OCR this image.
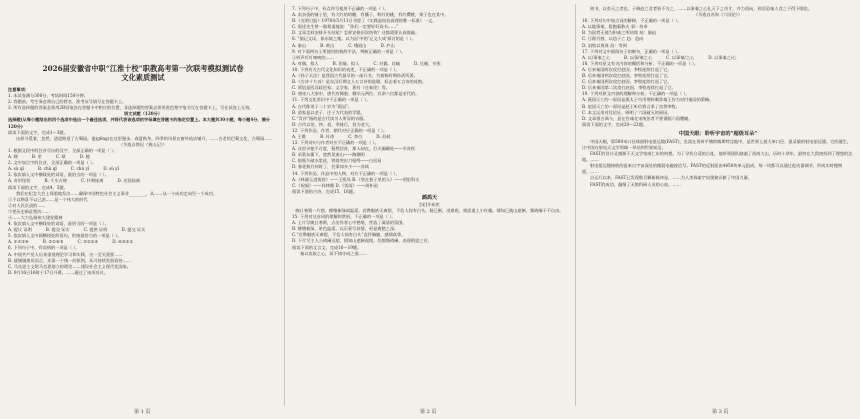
2026届安徽省中职“江淮十校”职教高考第一次联考模拟测试卷
文化素质测试
注意事项：
1. 本试卷满分300分，考试时间150分钟。
2. 答题前，考生务必将自己的姓名、准考证号填写在答题卡上。
3. 所有选择题的答案必须用2B铅笔涂在答题卡中相应的位置，非选择题的答案必须用黑色签字笔书写在答题卡上，写在试卷上无效。
语文试题（120分）
选择题(从每小题给出的四个选项中选出一个最佳选项，并将代表该选项的字母填在答题卡的指定位置上。本大题共30小题，每小题4分，满分120分)
阅读下面的文字，完成1～3题。
这样寻觅着，忽然，爸爸跨进了古蜀园，他(ɡěnɡ)在这里漫步。春夏秋冬，四季的风景在窗外依次铺开，……古老的巴蜀文化，古蜀园……
（节选自徐迟《黄山记》）
1. 根据文段中的注音写出的汉字，全部正确的一项是（ ）。
A. 哽	B. 更	C. 耿	D. 梗
2. 文中加点字的注音，全部正确的一项是（ ）。
A. sù qǐ	B. chù qǐ	C. chù yǐ	D. sù yǐ
3. 依次填入文中横线处的词语，最恰当的一项是（ ）。
A. 奇形怪状	B. 千头万绪	C. 扑朔迷离	D. 光怪陆离
阅读下面的文字，完成4、5题。
我们在纪念大会上郑重地发出……确保中国特色社会主义事业________，从……从一个成功走向另一个成功。
①不以物喜不以己悲……是一个伟大的时代
②对人民负责的……
③把历史新征程的……
④……大力弘扬伟大建党精神
4. 依次填入文中横线处的词语，最恰当的一项是（ ）。
A. 提议 证明	B. 提交 证实	C. 提供 证明	D. 提交 证实
5. 依次填入文中画横线处的语句，衔接最恰当的一项是（ ）。
A. ①②③④	B. ②①④③	C. ③②①④	D. ④③②①
6. 下列句子中，有语病的一项是（ ）。
A. 中国共产党人历来重视理论学习和实践，这一至关重要……
B. 就城镇建设而言，还需一个统一的原则，从可持续发展看待……
C. 马克思主义给马克思创立的理论……建设社会主义现代化国家。
D. 9月16日16时于17日开幕，……通过了该项决议。
7. 下列句子中，标点符号使用不正确的一项是（ ）。
A. 卖杂货的铺子里，有大红的奶糖，有橘子，粉红的桃，有红樱桃，果子也在其中。
B.《光明日报》1978年5月11日刊登了《实践是检验真理的唯一标准》一文。
C. 叙述先生曾一脸郑重地说：“你们一定要好好读书……”
D. 文章怎样安排开头结尾？怎样安排层次结构？这都需要认真推敲。
8. “据记文试，体东坡之地。以为因‘中的’记文大成’探讨的是（ ）。
A. 泰山	B. 黄山	C. 峨眉山	D. 庐山
9. 对下面两句子所使用的修辞手法，判断正确的一项是（ ）。
①叫声叮叮咚咚的……
A. 对偶，拟人	B. 比喻，拟人	C. 对偶，比喻	D. 比喻，夸张
10. 下列有关古代文化知识的表述，不正确的一项是（ ）。
A.《孙子兵法》是我国古代最早的一部兵书，为春秋时期孙武所著。
B.《古诗十九首》是东汉后期文人五言诗的选辑，标志着五言诗的成熟。
C. 贾谊是西汉政论家、文学家，著有《过秦论》等。
D. 唐宋八大家中，唐代有韩愈、柳宗元两位，其余六位都是宋代的。
11. 下列文化常识中不正确的一项是（ ）。
A. 古代称男子二十岁为“弱冠”。
B. 道家是以老子、庄子为代表的学派。
C.“青衫”指的是古代读书人所穿的衣服。
D. 古代以伯、仲、叔、季排行，伯为老大。
12. 下列作品、作者、朝代对应正确的一项是（ ）。
A. 王维	B. 杜甫	C. 李白	D. 苏轼
13. 下列诗句与作者对应不正确的一项是（ ）。
A. 众里寻他千百度，蓦然回首，那人却在，灯火阑珊处——辛弃疾
B. 采菊东篱下，悠然见南山——陶渊明
C. 银瓶乍破水浆迸，铁骑突出刀枪鸣——白居易
D. 春花秋月何时了，往事知多少——苏轼
14. 下列作品、作品中的人物，对应不正确的一项是（ ）。
A.《林黛玉进贾府》——王熙凤 B.《装在套子里的人》——别里科夫
C.《祝福》——祥林嫂 D.《雷雨》——周朴园
阅读下面的古诗，完成15、16题。
鹧鸪天
[宋]辛弃疾
晚日寒鸦一片愁，柳塘新绿却温柔。若教眼底无离恨，不信人间有白头。肠已断，泪难收，相思重上小红楼。情知已被山遮断，频倚阑干不自由。
15. 下列对这首词的理解和赏析，不正确的一项是（ ）。
A. 上片写晚日寒鸦，点出作者心中愁绪，营造了凄清的氛围。
B. 柳塘新绿，景色温柔，以乐景写哀情，更显离愁之深。
C.“若教眼底无离恨，不信人间有白头”直抒胸臆，感情真挚。
D. 下片写主人公倚阑远望，情知山遮断视线，仍频频倚阑，表现相思之苦。
阅读下面的文言文，完成16～19题。
秦以攻取之心，而不知守成之道……
则书，以有灭之者也。子韩赵之君者皆不为之，……以事秦之心礼天下之奇才，并力西向，则吾恐秦人食之不得下咽也。
（节选自苏洵《六国论》）
16. 下列对句中加点词的解释，不正确的一项是（ ）。
A. 以地事秦，犹抱薪救火 事：侍奉
B. 为国者无使为积威之所劫哉 劫：胁迫
C. 日削月割，以趋于亡 趋：趋向
D. 洎牧以谗诛 洎：等到
17. 下列对文中画线句子的断句，正确的一项是（ ）。
A. 以/事秦之心	B. 以事/秦之心	C. 以事秦/之心	D. 以事秦之/心
18. 下列对原文有关内容的概括和分析，不正确的一项是（ ）。
A. 后来秦国两次攻打赵国，李牧连续打退了它。
B. 后来秦国两次攻打赵国，李牧连续打退了它。
C. 后来秦国两次攻打赵国，李牧连续打退了它。
D. 后来秦国第二次攻打赵国，李牧连续打退了它。
19. 下列对原文内容的理解和分析，不正确的一项是（ ）。
A. 燕国灭亡的一原因是燕太子丹用荆轲刺杀秦王作为对付秦国的策略。
B. 赵国灭亡的一原因是赵王听信谗言杀了良将李牧。
C. 本文运用对比论证，阐明了六国破灭的原因。
D. 文章借古讽今，意在告诫北宋统治者不要重蹈六国覆辙。
阅读下面的文字，完成20～22题。
中国天眼：聆听宇宙的“超级耳朵”
中国天眼，即500米口径球面射电望远镜(FAST)，坐落在贵州平塘的喀斯特洼地中，是世界上最大单口径、最灵敏的射电望远镜。它的诞生，让中国在射电天文学领域一举站到世界前沿。
FAST的设计灵感源于天文学家南仁东的构想。为了寻找合适的台址，他带领团队踏遍了西南大山，历时十余年，最终在大窝凼找到了理想的洼地。……
射电望远镜接收的是来自宇宙深处的微弱电磁波信号。FAST的反射面由4450块单元组成，每一块都可以通过促动器调节，形成实时抛物面，……
自运行以来，FAST已发现数百颗新脉冲星，……为人类探索宇宙奥秘贡献了中国力量。
FAST的成功，凝聚了无数科研人员的心血，……
第 1 页	第 2 页	第 3 页
